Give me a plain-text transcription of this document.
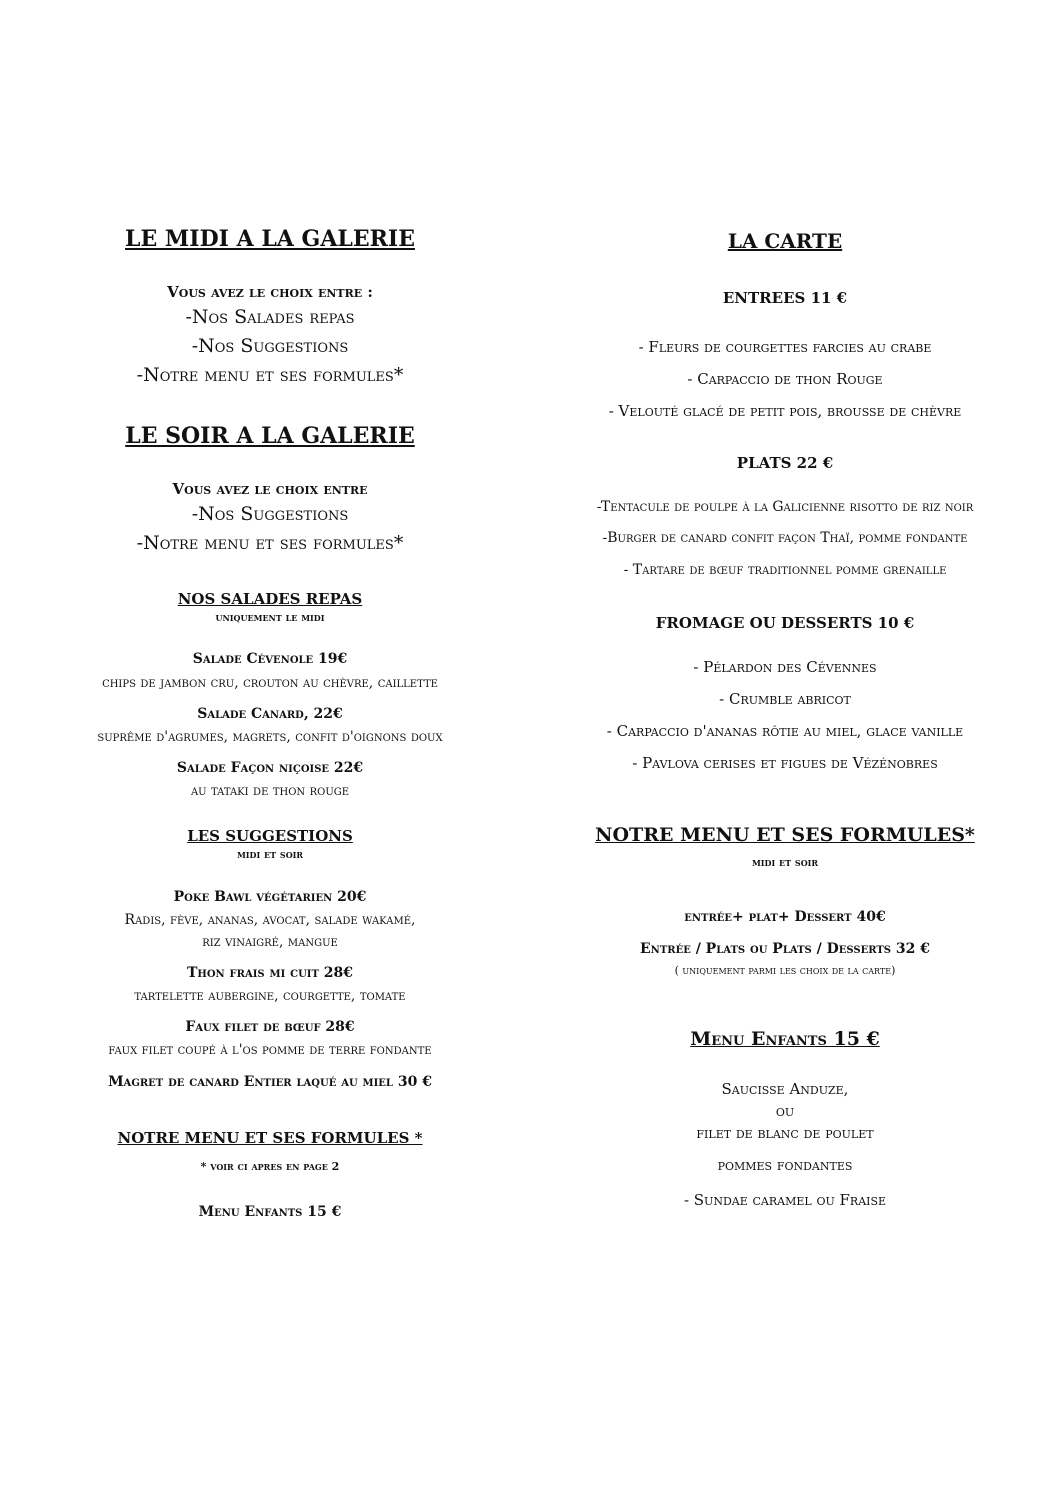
LE MIDI A LA GALERIE

Vous avez le choix entre :

-Nos Salades repas

-Nos Suggestions

-Notre menu et ses formules*

LE SOIR A LA GALERIE

Vous avez le choix entre

-Nos Suggestions

-Notre menu et ses formules*

NOS SALADES REPAS

uniquement le midi

Salade Cévenole 19€

chips de jambon cru, crouton au chèvre, caillette

Salade Canard, 22€

suprême d'agrumes, magrets, confit d'oignons doux

Salade Façon niçoise 22€

au tataki de thon rouge

LES SUGGESTIONS

midi et soir

Poke Bawl végétarien 20€

Radis, fève, ananas, avocat, salade wakamé,

riz vinaigré, mangue

Thon frais mi cuit 28€

tartelette aubergine, courgette, tomate

Faux filet de bœuf 28€

faux filet coupé à l'os pomme de terre fondante

Magret de canard Entier laqué au miel 30 €

NOTRE MENU ET SES FORMULES *

* voir ci apres en page 2

Menu Enfants 15 €

LA CARTE

ENTREES 11 €

- Fleurs de courgettes farcies au crabe

- Carpaccio de thon Rouge

- Velouté glacé de petit pois, brousse de chèvre

PLATS 22 €

-Tentacule de poulpe à la Galicienne risotto de riz noir

-Burger de canard confit façon Thaï, pomme fondante

- Tartare de bœuf traditionnel pomme grenaille

FROMAGE OU DESSERTS 10 €

- Pélardon des Cévennes

- Crumble abricot

- Carpaccio d'ananas rôtie au miel, glace vanille

- Pavlova cerises et figues de Vézénobres

NOTRE MENU ET SES FORMULES*

midi et soir

entrée+ plat+ Dessert 40€

Entrée / Plats ou Plats / Desserts 32 €

( uniquement parmi les choix de la carte)

Menu Enfants 15 €

Saucisse Anduze,

ou

filet de blanc de poulet

pommes fondantes

- Sundae caramel ou Fraise
